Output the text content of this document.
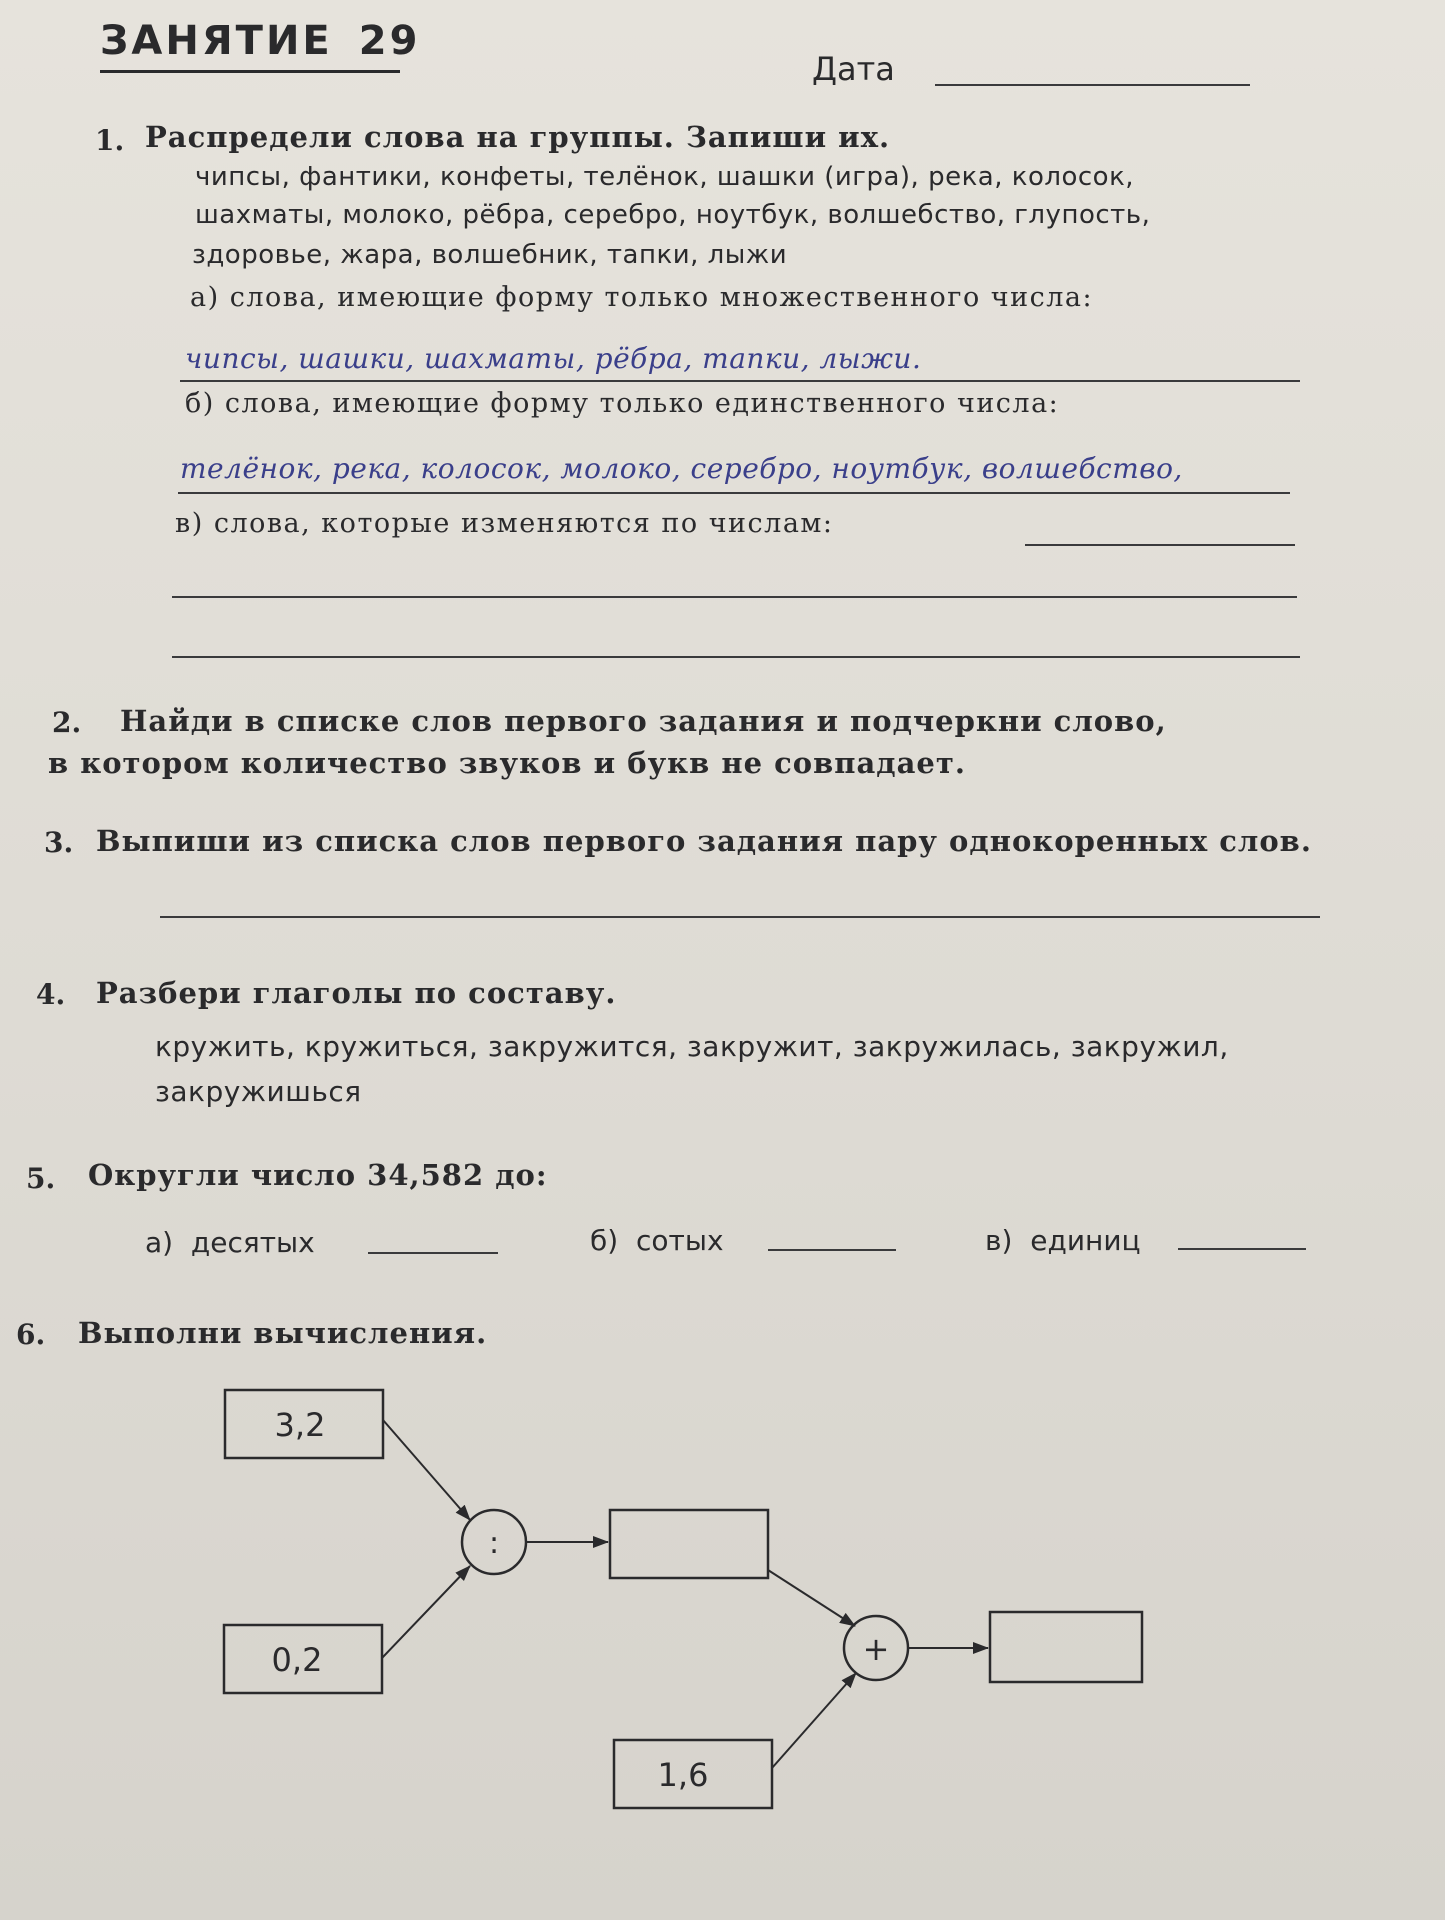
ЗАНЯТИЕ 29
Дата
1. Распредели слова на группы. Запиши их.
чипсы, фантики, конфеты, телёнок, шашки (игра), река, колосок,
шахматы, молоко, рёбра, серебро, ноутбук, волшебство, глупость,
здоровье, жара, волшебник, тапки, лыжи
а) слова, имеющие форму только множественного числа:
чипсы, шашки, шахматы, рёбра, тапки, лыжи.
б) слова, имеющие форму только единственного числа:
телёнок, река, колосок, молоко, серебро, ноутбук, волшебство,
в) слова, которые изменяются по числам:
2. Найди в списке слов первого задания и подчеркни слово,
в котором количество звуков и букв не совпадает.
3. Выпиши из списка слов первого задания пару однокоренных слов.
4. Разбери глаголы по составу.
кружить, кружиться, закружится, закружит, закружилась, закружил,
закружишься
5. Округли число 34,582 до:
а) десятых	б) сотых	в) единиц
6. Выполни вычисления.
3,2
0,2
:
+
1,6
